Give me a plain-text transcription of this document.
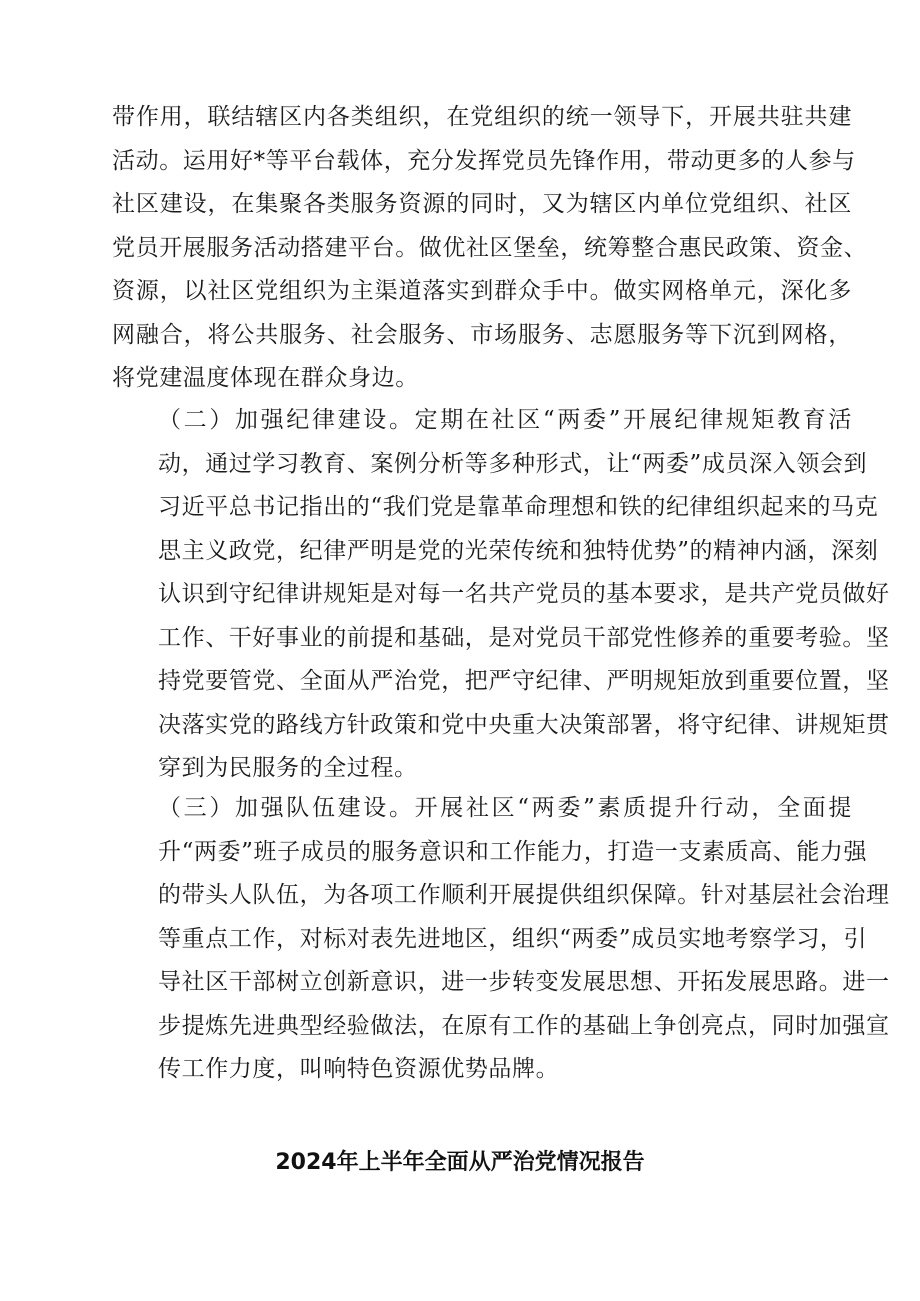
带作用，联结辖区内各类组织，在党组织的统一领导下，开展共驻共建
活动。运用好*等平台载体，充分发挥党员先锋作用，带动更多的人参与
社区建设，在集聚各类服务资源的同时，又为辖区内单位党组织、社区
党员开展服务活动搭建平台。做优社区堡垒，统筹整合惠民政策、资金、
资源，以社区党组织为主渠道落实到群众手中。做实网格单元，深化多
网融合，将公共服务、社会服务、市场服务、志愿服务等下沉到网格，
将党建温度体现在群众身边。

（二）加强纪律建设。定期在社区“两委”开展纪律规矩教育活
动，通过学习教育、案例分析等多种形式，让“两委”成员深入领会到
习近平总书记指出的“我们党是靠革命理想和铁的纪律组织起来的马克
思主义政党，纪律严明是党的光荣传统和独特优势”的精神内涵，深刻
认识到守纪律讲规矩是对每一名共产党员的基本要求，是共产党员做好
工作、干好事业的前提和基础，是对党员干部党性修养的重要考验。坚
持党要管党、全面从严治党，把严守纪律、严明规矩放到重要位置，坚
决落实党的路线方针政策和党中央重大决策部署，将守纪律、讲规矩贯
穿到为民服务的全过程。

（三）加强队伍建设。开展社区“两委”素质提升行动，全面提
升“两委”班子成员的服务意识和工作能力，打造一支素质高、能力强
的带头人队伍，为各项工作顺利开展提供组织保障。针对基层社会治理
等重点工作，对标对表先进地区，组织“两委”成员实地考察学习，引
导社区干部树立创新意识，进一步转变发展思想、开拓发展思路。进一
步提炼先进典型经验做法，在原有工作的基础上争创亮点，同时加强宣
传工作力度，叫响特色资源优势品牌。

2024年上半年全面从严治党情况报告
